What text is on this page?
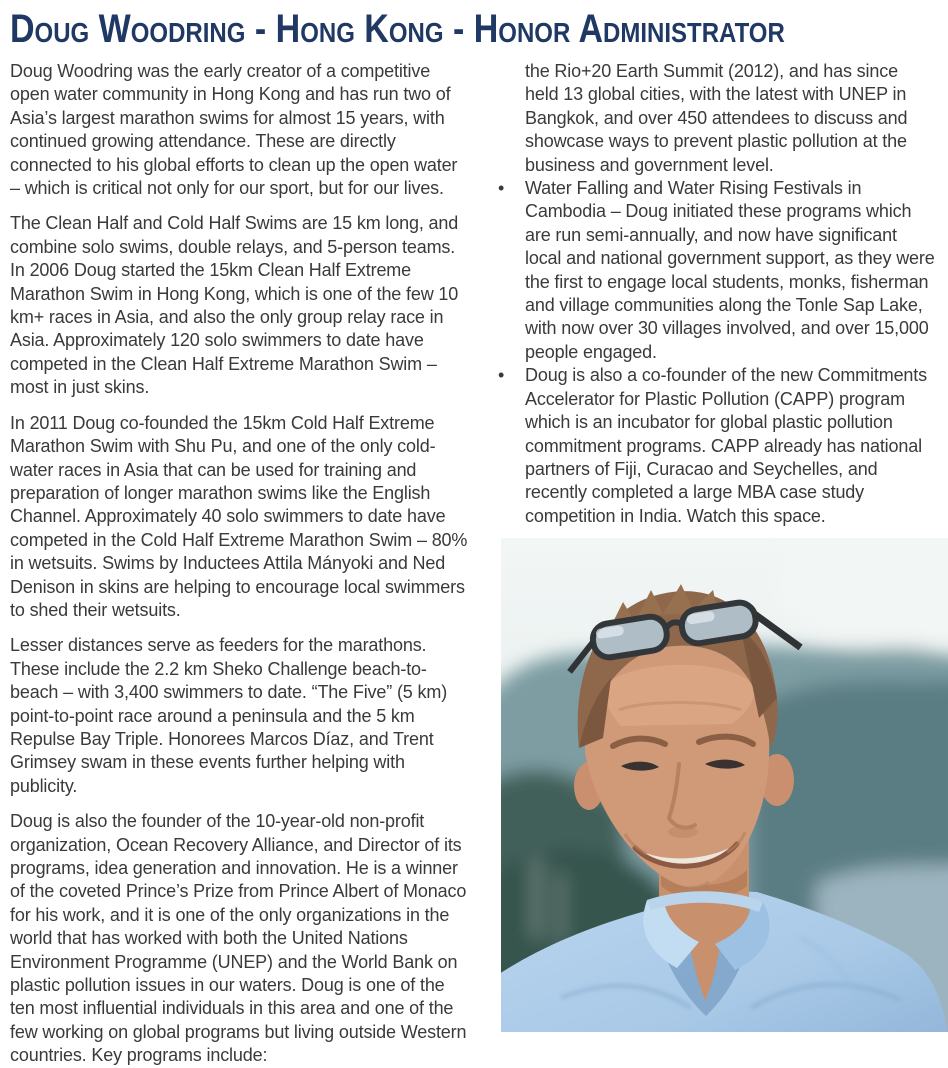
Doug Woodring - Hong Kong - Honor Administrator

Doug Woodring was the early creator of a competitive open water community in Hong Kong and has run two of Asia’s largest marathon swims for almost 15 years, with continued growing attendance. These are directly connected to his global efforts to clean up the open water – which is critical not only for our sport, but for our lives.

The Clean Half and Cold Half Swims are 15 km long, and combine solo swims, double relays, and 5-person teams. In 2006 Doug started the 15km Clean Half Extreme Marathon Swim in Hong Kong, which is one of the few 10 km+ races in Asia, and also the only group relay race in Asia. Approximately 120 solo swimmers to date have competed in the Clean Half Extreme Marathon Swim – most in just skins.

In 2011 Doug co-founded the 15km Cold Half Extreme Marathon Swim with Shu Pu, and one of the only cold-water races in Asia that can be used for training and preparation of longer marathon swims like the English Channel. Approximately 40 solo swimmers to date have competed in the Cold Half Extreme Marathon Swim – 80% in wetsuits. Swims by Inductees Attila Mányoki and Ned Denison in skins are helping to encourage local swimmers to shed their wetsuits.

Lesser distances serve as feeders for the marathons. These include the 2.2 km Sheko Challenge beach-to-beach – with 3,400 swimmers to date. “The Five” (5 km) point-to-point race around a peninsula and the 5 km Repulse Bay Triple. Honorees Marcos Díaz, and Trent Grimsey swam in these events further helping with publicity.

Doug is also the founder of the 10-year-old non-profit organization, Ocean Recovery Alliance, and Director of its programs, idea generation and innovation. He is a winner of the coveted Prince’s Prize from Prince Albert of Monaco for his work, and it is one of the only organizations in the world that has worked with both the United Nations Environment Programme (UNEP) and the World Bank on plastic pollution issues in our waters. Doug is one of the ten most influential individuals in this area and one of the few working on global programs but living outside Western countries. Key programs include:

the Rio+20 Earth Summit (2012), and has since held 13 global cities, with the latest with UNEP in Bangkok, and over 450 attendees to discuss and showcase ways to prevent plastic pollution at the business and government level.

•	Water Falling and Water Rising Festivals in Cambodia – Doug initiated these programs which are run semi-annually, and now have significant local and national government support, as they were the first to engage local students, monks, fisherman and village communities along the Tonle Sap Lake, with now over 30 villages involved, and over 15,000 people engaged.
•	Doug is also a co-founder of the new Commitments Accelerator for Plastic Pollution (CAPP) program which is an incubator for global plastic pollution commitment programs. CAPP already has national partners of Fiji, Curacao and Seychelles, and recently completed a large MBA case study competition in India. Watch this space.
